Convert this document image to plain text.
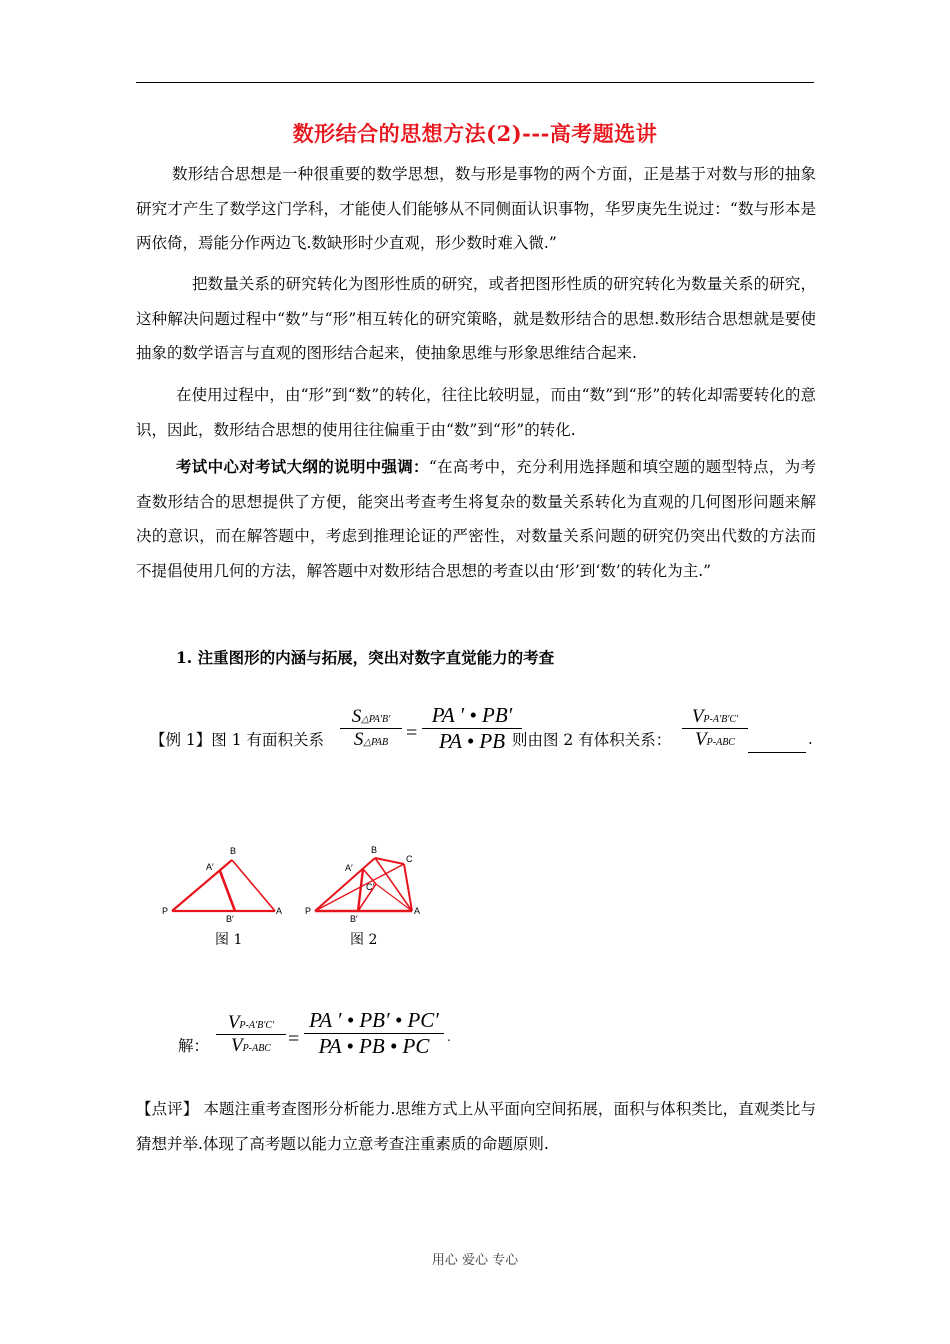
数形结合的思想方法(2)---高考题选讲
数形结合思想是一种很重要的数学思想，数与形是事物的两个方面，正是基于对数与形的抽象研究才产生了数学这门学科，才能使人们能够从不同侧面认识事物，华罗庚先生说过：“数与形本是两依倚，焉能分作两边飞.数缺形时少直观，形少数时难入微.”
把数量关系的研究转化为图形性质的研究，或者把图形性质的研究转化为数量关系的研究，这种解决问题过程中“数”与“形”相互转化的研究策略，就是数形结合的思想.数形结合思想就是要使抽象的数学语言与直观的图形结合起来，使抽象思维与形象思维结合起来.
在使用过程中，由“形”到“数”的转化，往往比较明显，而由“数”到“形”的转化却需要转化的意识，因此，数形结合思想的使用往往偏重于由“数”到“形”的转化.
考试中心对考试大纲的说明中强调：“在高考中，充分利用选择题和填空题的题型特点，为考查数形结合的思想提供了方便，能突出考查考生将复杂的数量关系转化为直观的几何图形问题来解决的意识，而在解答题中，考虑到推理论证的严密性，对数量关系问题的研究仍突出代数的方法而不提倡使用几何的方法，解答题中对数形结合思想的考查以由‘形’到‘数’的转化为主.”
1. 注重图形的内涵与拓展，突出对数字直觉能力的考查
【例 1】图 1 有面积关系
S△PA'B'
S△PAB =
PA ′ • PB′
PA • PB 则由图 2 有体积关系：
VP-A'B'C'
VP-ABC	.
P	A
B
A′
B′
P	A
B
C
A′
C′
B′
图 1	图 2
解：
VP-A'B'C'
VP-ABC =
PA ′ • PB′ • PC′
PA • PB • PC .
【点评】 本题注重考查图形分析能力.思维方式上从平面向空间拓展，面积与体积类比，直观类比与猜想并举.体现了高考题以能力立意考查注重素质的命题原则.
用心 爱心 专心
